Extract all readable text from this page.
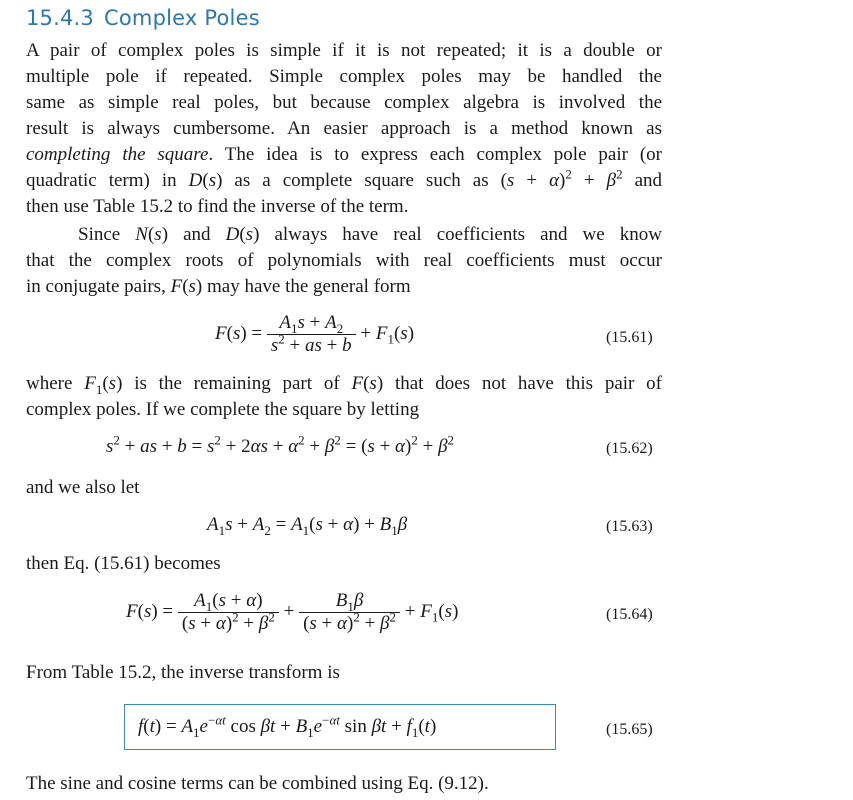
15.4.3 Complex Poles
A pair of complex poles is simple if it is not repeated; it is a double or
multiple pole if repeated. Simple complex poles may be handled the
same as simple real poles, but because complex algebra is involved the
result is always cumbersome. An easier approach is a method known as
completing the square. The idea is to express each complex pole pair (or
quadratic term) in D(s) as a complete square such as $(s + \alpha)^2 + \beta^2$ and
then use Table 15.2 to find the inverse of the term.
Since N(s) and D(s) always have real coefficients and we know
that the complex roots of polynomials with real coefficients must occur
in conjugate pairs, F(s) may have the general form
$F(s) = \frac{A_1s + A_2}{s^2 + as + b} + F_1(s)$	(15.61)
where $F_1(s)$ is the remaining part of F(s) that does not have this pair of
complex poles. If we complete the square by letting
$s^2$ + as + $b = s^2 + 2\alpha s + \alpha^2 + \beta^2 = (s + \alpha)^2 + \beta^2$	(15.62)
and we also let
$A_1s + A_2 = A_1(s + \alpha) + B_1\beta$	(15.63)
then Eq. (15.61) becomes
$F(s) = \frac{A_1(s + \alpha)}{(s + \alpha)^2 + \beta^2} + \frac{B_1\beta}{(s + \alpha)^2 + \beta^2} + F_1(s)$	(15.64)
From Table 15.2, the inverse transform is
$f(t) = A_1e^{-\alpha t}$ $\cos \beta t + B_1e^{-\alpha t}$ $\sin \beta t + f_1(t)$	(15.65)
The sine and cosine terms can be combined using Eq. (9.12).
